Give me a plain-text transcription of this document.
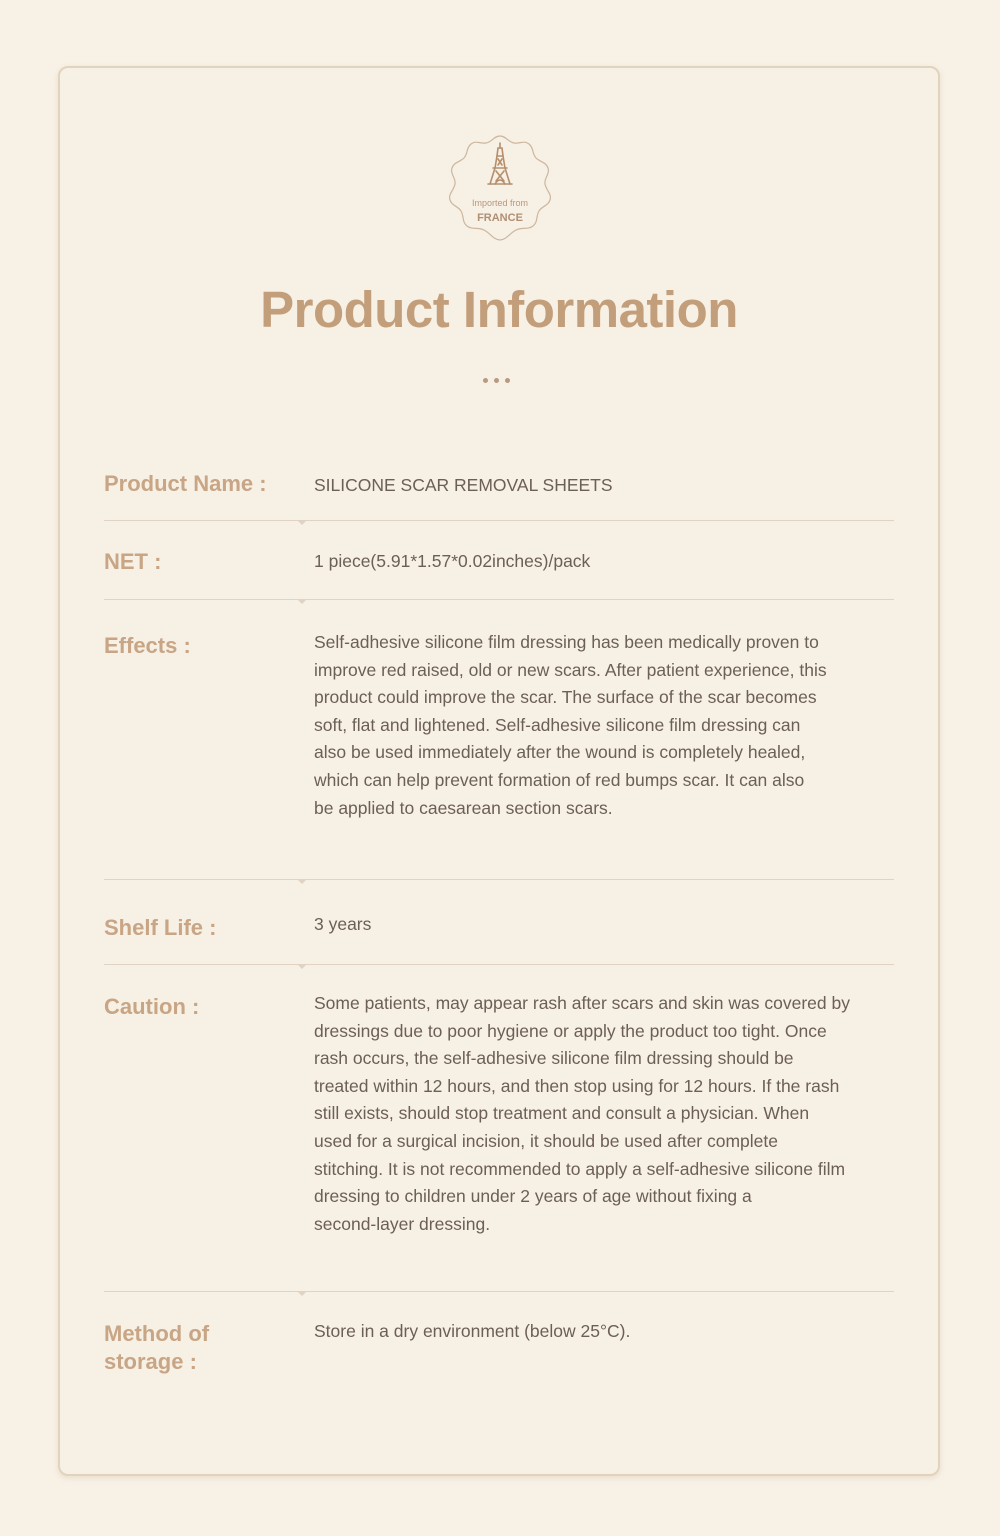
Imported from
FRANCE
Product Information
Product Name :	SILICONE SCAR REMOVAL SHEETS
NET :	1 piece(5.91*1.57*0.02inches)/pack
Effects :	Self-adhesive silicone film dressing has been medically proven to
improve red raised, old or new scars. After patient experience, this
product could improve the scar. The surface of the scar becomes
soft, flat and lightened. Self-adhesive silicone film dressing can
also be used immediately after the wound is completely healed,
which can help prevent formation of red bumps scar. It can also
be applied to caesarean section scars.
Shelf Life :	3 years
Caution :	Some patients, may appear rash after scars and skin was covered by
dressings due to poor hygiene or apply the product too tight. Once
rash occurs, the self-adhesive silicone film dressing should be
treated within 12 hours, and then stop using for 12 hours. If the rash
still exists, should stop treatment and consult a physician. When
used for a surgical incision, it should be used after complete
stitching. It is not recommended to apply a self-adhesive silicone film
dressing to children under 2 years of age without fixing a
second-layer dressing.
Method of
storage :
Store in a dry environment (below 25°C).
